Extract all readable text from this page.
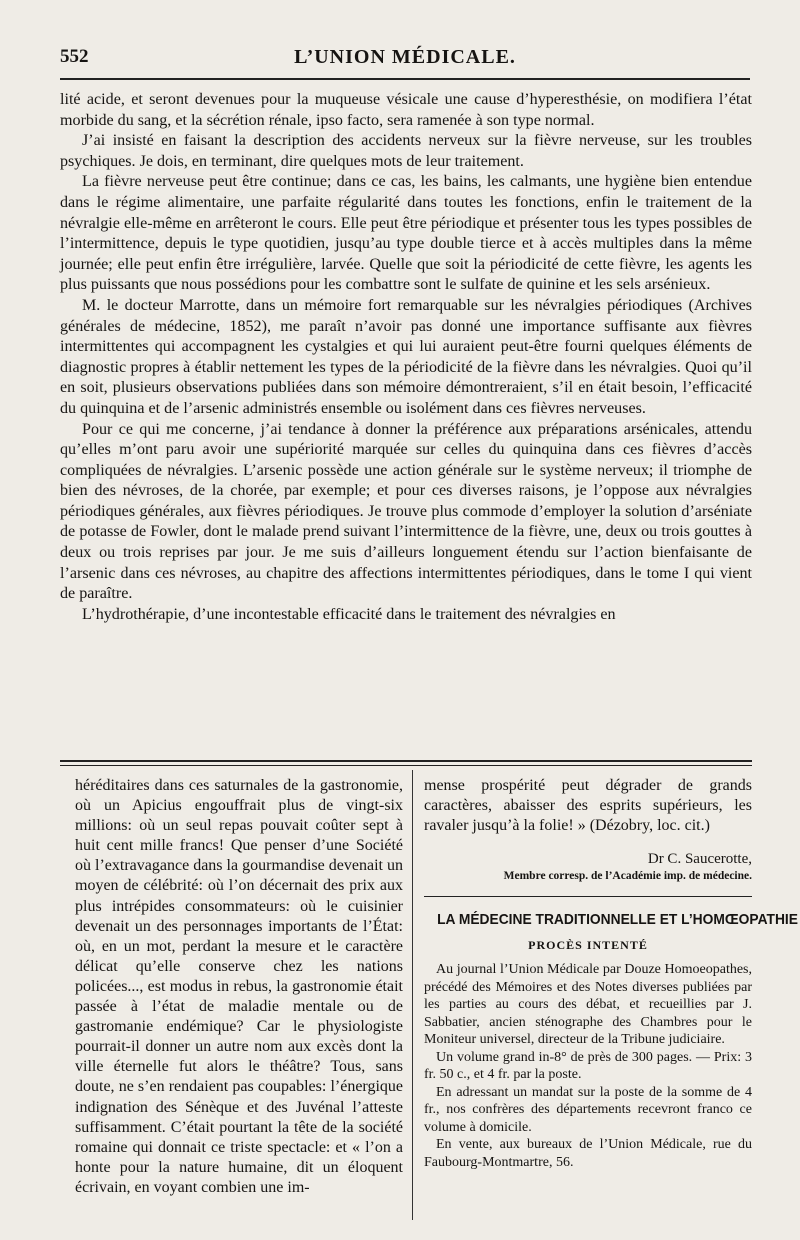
552	L’UNION MÉDICALE.

lité acide, et seront devenues pour la muqueuse vésicale une cause d’hyperesthésie, on modifiera l’état morbide du sang, et la sécrétion rénale, ipso facto, sera ramenée à son type normal.

J’ai insisté en faisant la description des accidents nerveux sur la fièvre nerveuse, sur les troubles psychiques. Je dois, en terminant, dire quelques mots de leur traitement.

La fièvre nerveuse peut être continue; dans ce cas, les bains, les calmants, une hygiène bien entendue dans le régime alimentaire, une parfaite régularité dans toutes les fonctions, enfin le traitement de la névralgie elle-même en arrêteront le cours. Elle peut être périodique et présenter tous les types possibles de l’intermittence, depuis le type quotidien, jusqu’au type double tierce et à accès multiples dans la même journée; elle peut enfin être irrégulière, larvée. Quelle que soit la périodicité de cette fièvre, les agents les plus puissants que nous possédions pour les combattre sont le sulfate de quinine et les sels arsénieux.

M. le docteur Marrotte, dans un mémoire fort remarquable sur les névralgies périodiques (Archives générales de médecine, 1852), me paraît n’avoir pas donné une importance suffisante aux fièvres intermittentes qui accompagnent les cystalgies et qui lui auraient peut-être fourni quelques éléments de diagnostic propres à établir nettement les types de la périodicité de la fièvre dans les névralgies. Quoi qu’il en soit, plusieurs observations publiées dans son mémoire démontreraient, s’il en était besoin, l’efficacité du quinquina et de l’arsenic administrés ensemble ou isolément dans ces fièvres nerveuses.

Pour ce qui me concerne, j’ai tendance à donner la préférence aux préparations arsénicales, attendu qu’elles m’ont paru avoir une supériorité marquée sur celles du quinquina dans ces fièvres d’accès compliquées de névralgies. L’arsenic possède une action générale sur le système nerveux; il triomphe de bien des névroses, de la chorée, par exemple; et pour ces diverses raisons, je l’oppose aux névralgies périodiques générales, aux fièvres périodiques. Je trouve plus commode d’employer la solution d’arséniate de potasse de Fowler, dont le malade prend suivant l’intermittence de la fièvre, une, deux ou trois gouttes à deux ou trois reprises par jour. Je me suis d’ailleurs longuement étendu sur l’action bienfaisante de l’arsenic dans ces névroses, au chapitre des affections intermittentes périodiques, dans le tome I qui vient de paraître.

L’hydrothérapie, d’une incontestable efficacité dans le traitement des névralgies en

héréditaires dans ces saturnales de la gastronomie, où un Apicius engouffrait plus de vingt-six millions: où un seul repas pouvait coûter sept à huit cent mille francs! Que penser d’une Société où l’extravagance dans la gourmandise devenait un moyen de célébrité: où l’on décernait des prix aux plus intrépides consommateurs: où le cuisinier devenait un des personnages importants de l’État: où, en un mot, perdant la mesure et le caractère délicat qu’elle conserve chez les nations policées..., est modus in rebus, la gastronomie était passée à l’état de maladie mentale ou de gastromanie endémique? Car le physiologiste pourrait-il donner un autre nom aux excès dont la ville éternelle fut alors le théâtre? Tous, sans doute, ne s’en rendaient pas coupables: l’énergique indignation des Sénèque et des Juvénal l’atteste suffisamment. C’était pourtant la tête de la société romaine qui donnait ce triste spectacle: et « l’on a honte pour la nature humaine, dit un éloquent écrivain, en voyant combien une im-
mense prospérité peut dégrader de grands caractères, abaisser des esprits supérieurs, les ravaler jusqu’à la folie! » (Dézobry, loc. cit.)
Dr C. Saucerotte,
Membre corresp. de l’Académie imp. de médecine.
LA MÉDECINE TRADITIONNELLE ET L’HOMŒOPATHIE
PROCÈS INTENTÉ

Au journal l’Union Médicale par Douze Homoeopathes, précédé des Mémoires et des Notes diverses publiées par les parties au cours des débat, et recueillies par J. Sabbatier, ancien sténographe des Chambres pour le Moniteur universel, directeur de la Tribune judiciaire.

Un volume grand in-8° de près de 300 pages. — Prix: 3 fr. 50 c., et 4 fr. par la poste.

En adressant un mandat sur la poste de la somme de 4 fr., nos confrères des départements recevront franco ce volume à domicile.

En vente, aux bureaux de l’Union Médicale, rue du Faubourg-Montmartre, 56.
